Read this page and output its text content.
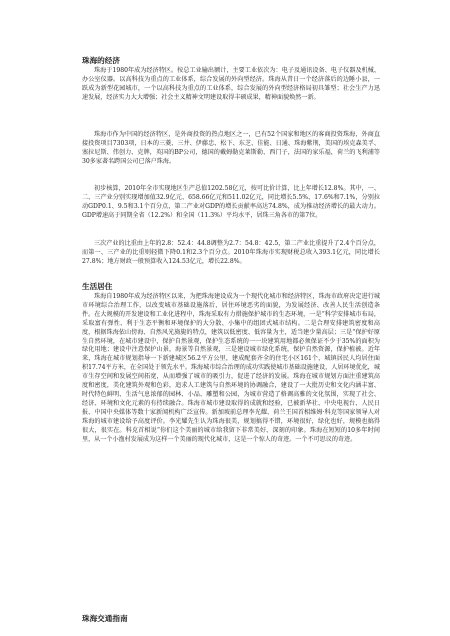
珠海的经济

珠海于1980年成为经济特区。按总工业输出额计，主要工业依次为：电子及通讯设备、电子仪器及机械、办公室仪器。以高科技为重点的工业体系，综合发展的外向型经济。珠海从昔日一个经济落后的边陲小县，一跃成为新型花园城市，一个以高科技为重点的工业体系，综合发展的外向型经济格局初具雏型；社会生产力迅速发展，经济实力大大增强；社会主义精神文明建设取得丰硕成果，精神面貌焕然一新。

珠海市作为中国的经济特区，是外商投资的热点地区之一，已有52个国家和地区的客商投资珠海，外商直接投资项目7303项，日本的三菱、三井、伊藤忠、松下、东芝、佳能、日通、珠海紫荆，美国的埃克森美孚、塞拉尼斯、伟创力、克牌，英国的BP公司，德国的戴姆勒克莱斯勒、西门子，法国的家乐福，荷兰的飞利浦等30多家著名跨国公司已落户珠海。

初步核算，2010年全市实现地区生产总值1202.58亿元，按可比价计算，比上年增长12.8%。其中，一、二、三产业分别实现增加值32.9亿元、658.66亿元和511.02亿元，同比增长5.5%、17.6%和7.1%，分别拉动GDP0.1、9.5和3.1个百分点，第二产业对GDP的增长贡献率高达74.8%，成为推动经济增长的最大动力。GDP增速高于同期全省（12.2%）和全国（11.3%）平均水平，居珠三角各市的第7位。

三次产业的比重由上年的2.8：52.4：44.8调整为2.7：54.8：42.5，第二产业比重提升了2.4个百分点，而第一、三产业的比重则轻微下降0.1和2.3个百分点。2010年珠海市实现财税总收入393.1亿元，同比增长27.8%；地方财政一般预算收入124.53亿元，增长22.8%。

生活居住

珠海自1980年成为经济特区以来，为把珠海建设成为一个现代化城市和经济特区，珠海市政府决定进行城市环境综合治理工作，以改变城市基础设施落后，居住环境恶劣的面貌，为发展经济、改善人民生活创造条件。在大规模的开发建设和工业化进程中，珠海采取有力措施保护城市的生态环境，一是“科学安排城市布局，采取富有弹性、利于生态平衡和环境保护的大分散、小集中的组团式城市结构。二是合理安排建筑密度和高度，根据珠海依山傍海、自然风光旖旎的特点，建筑以低密度、低容量为主，适当建少量高层；三是“保护好原生自然环境，在城市建设中，保护自然景观，保护生态系统的一一块建筑用地都必须保证不少于35%的面积为绿化用地；建设中注意保护山景，海景等自然景观，三是建设城市绿化系统，保护自然资源，保护植被。近年来，珠海在城市规划指导一下新建城区56.2平方公里，建成配套齐全的住宅小区161个，城镇居民人均居住面积17.74平方米，在全国处于领先水平。珠海城市综合治理的成功实践使城市基础设施建设，人居环境优化，城市生存空间和发展空间拓宽，从而增强了城市的吸引力，促进了经济的发展。珠海在城市规划方面注重建筑高度和密度，美化建筑外观和色彩，追求人工建筑与自然环境的协调融合，建设了一大批历史和文化内涵丰富、时代特色鲜明、生活气息浓郁的园林、小品、雕塑和公园，为城市营造了格调高雅的文化氛围，实现了社会、经济、环境和文化元素的有持续融合。珠海市城市建设取得的成就和经验，已被新华社、中央电视台、人民日报、中国中央媒体等数十家新闻机构广泛宣传。新加坡前总理李光耀、荷兰王国首相维姆·科克等国家领导人对珠海的城市建设给予高度评价。李光耀先生认为珠海很美，规划搞得不错，环境很好，绿化也好，规模也搞得很大，很实在。科克首相说“你们这个美丽的城市给我留下非常美好、深刻的印象。珠海在短短的10多年时间里，从一个小渔村发展成为这样一个美丽的现代化城市，这是一个惊人的奇迹。一个不可思议的奇迹。

珠海交通指南
